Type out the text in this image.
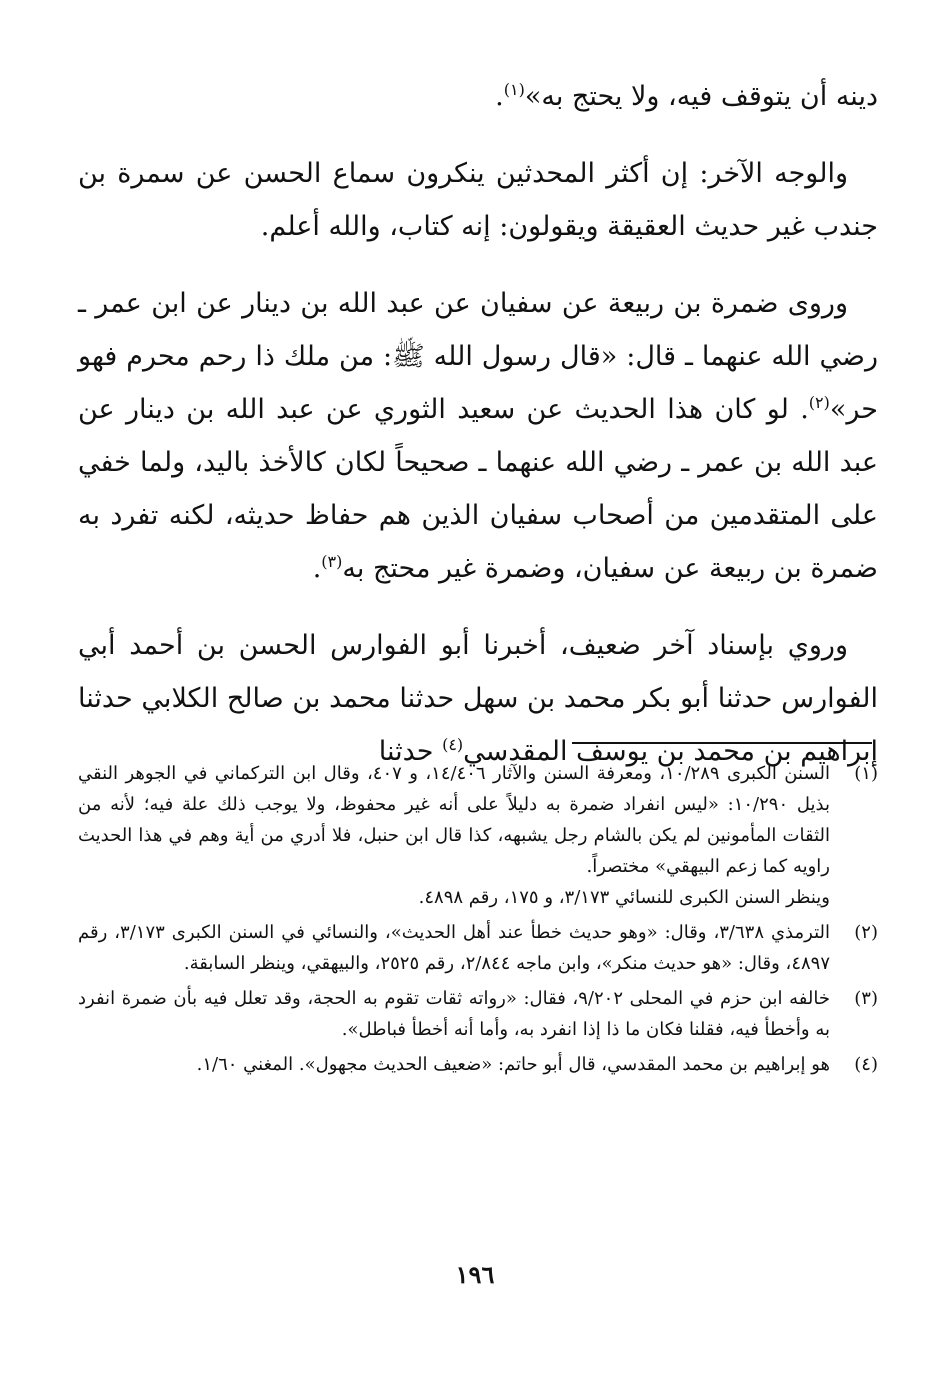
دينه أن يتوقف فيه، ولا يحتج به»$^{(١)}$.

والوجه الآخر: إن أكثر المحدثين ينكرون سماع الحسن عن سمرة بن جندب غير حديث العقيقة ويقولون: إنه كتاب، والله أعلم.

وروى ضمرة بن ربيعة عن سفيان عن عبد الله بن دينار عن ابن عمر ـ رضي الله عنهما ـ قال: «قال رسول الله ﷺ: من ملك ذا رحم محرم فهو حر»$^{(٢)}$. لو كان هذا الحديث عن سعيد الثوري عن عبد الله بن دينار عن عبد الله بن عمر ـ رضي الله عنهما ـ صحيحاً لكان كالأخذ باليد، ولما خفي على المتقدمين من أصحاب سفيان الذين هم حفاظ حديثه، لكنه تفرد به ضمرة بن ربيعة عن سفيان، وضمرة غير محتج به$^{(٣)}$.

وروي بإسناد آخر ضعيف، أخبرنا أبو الفوارس الحسن بن أحمد أبي الفوارس حدثنا أبو بكر محمد بن سهل حدثنا محمد بن صالح الكلابي حدثنا إبراهيم بن محمد بن يوسف المقدسي$^{(٤)}$ حدثنا

(١)

السنن الكبرى ١٠/٢٨٩، ومعرفة السنن والآثار ١٤/٤٠٦، و ٤٠٧، وقال ابن التركماني في الجوهر النقي بذيل ١٠/٢٩٠: «ليس انفراد ضمرة به دليلاً على أنه غير محفوظ، ولا يوجب ذلك علة فيه؛ لأنه من الثقات المأمونين لم يكن بالشام رجل يشبهه، كذا قال ابن حنبل، فلا أدري من أية وهم في هذا الحديث راويه كما زعم البيهقي» مختصراً.

وينظر السنن الكبرى للنسائي ٣/١٧٣، و ١٧٥، رقم ٤٨٩٨.

(٢)

الترمذي ٣/٦٣٨، وقال: «وهو حديث خطأ عند أهل الحديث»، والنسائي في السنن الكبرى ٣/١٧٣، رقم ٤٨٩٧، وقال: «هو حديث منكر»، وابن ماجه ٢/٨٤٤، رقم ٢٥٢٥، والبيهقي، وينظر السابقة.

(٣)

خالفه ابن حزم في المحلى ٩/٢٠٢، فقال: «رواته ثقات تقوم به الحجة، وقد تعلل فيه بأن ضمرة انفرد به وأخطأ فيه، فقلنا فكان ما ذا إذا انفرد به، وأما أنه أخطأ فباطل».

(٤)

هو إبراهيم بن محمد المقدسي، قال أبو حاتم: «ضعيف الحديث مجهول». المغني ١/٦٠.

١٩٦
